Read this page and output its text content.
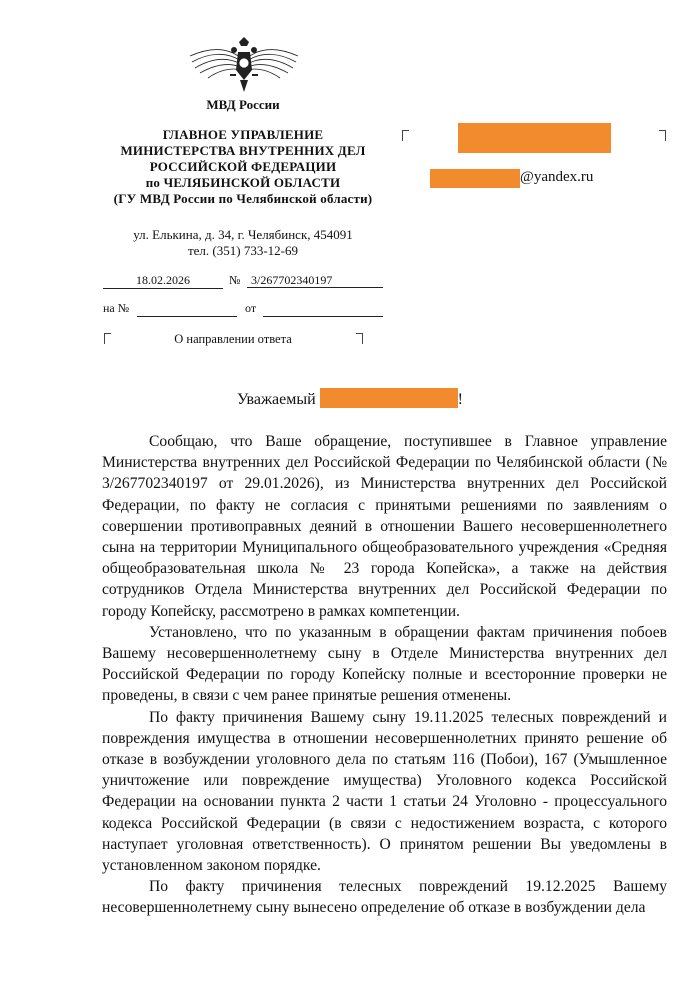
МВД России
ГЛАВНОЕ УПРАВЛЕНИЕ
МИНИСТЕРСТВА ВНУТРЕННИХ ДЕЛ
РОССИЙСКОЙ ФЕДЕРАЦИИ
по ЧЕЛЯБИНСКОЙ ОБЛАСТИ
(ГУ МВД России по Челябинской области)
ул. Елькина, д. 34, г. Челябинск, 454091
тел. (351) 733-12-69
18.02.2026	№ 3/267702340197
на №	от
О направлении ответа
@yandex.ru
Уважаемый	!

Сообщаю, что Ваше обращение, поступившее в Главное управление Министерства внутренних дел Российской Федерации по Челябинской области (№ 3/267702340197 от 29.01.2026), из Министерства внутренних дел Российской Федерации, по факту не согласия с принятыми решениями по заявлениям о совершении противоправных деяний в отношении Вашего несовершеннолетнего сына на территории Муниципального общеобразовательного учреждения «Средняя общеобразовательная школа № 23 города Копейска», а также на действия сотрудников Отдела Министерства внутренних дел Российской Федерации по городу Копейску, рассмотрено в рамках компетенции.

Установлено, что по указанным в обращении фактам причинения побоев Вашему несовершеннолетнему сыну в Отделе Министерства внутренних дел Российской Федерации по городу Копейску полные и всесторонние проверки не проведены, в связи с чем ранее принятые решения отменены.

По факту причинения Вашему сыну 19.11.2025 телесных повреждений и повреждения имущества в отношении несовершеннолетних принято решение об отказе в возбуждении уголовного дела по статьям 116 (Побои), 167 (Умышленное уничтожение или повреждение имущества) Уголовного кодекса Российской Федерации на основании пункта 2 части 1 статьи 24 Уголовно - процессуального кодекса Российской Федерации (в связи с недостижением возраста, с которого наступает уголовная ответственность). О принятом решении Вы уведомлены в установленном законом порядке.

По факту причинения телесных повреждений 19.12.2025 Вашему несовершеннолетнему сыну вынесено определение об отказе в возбуждении дела
